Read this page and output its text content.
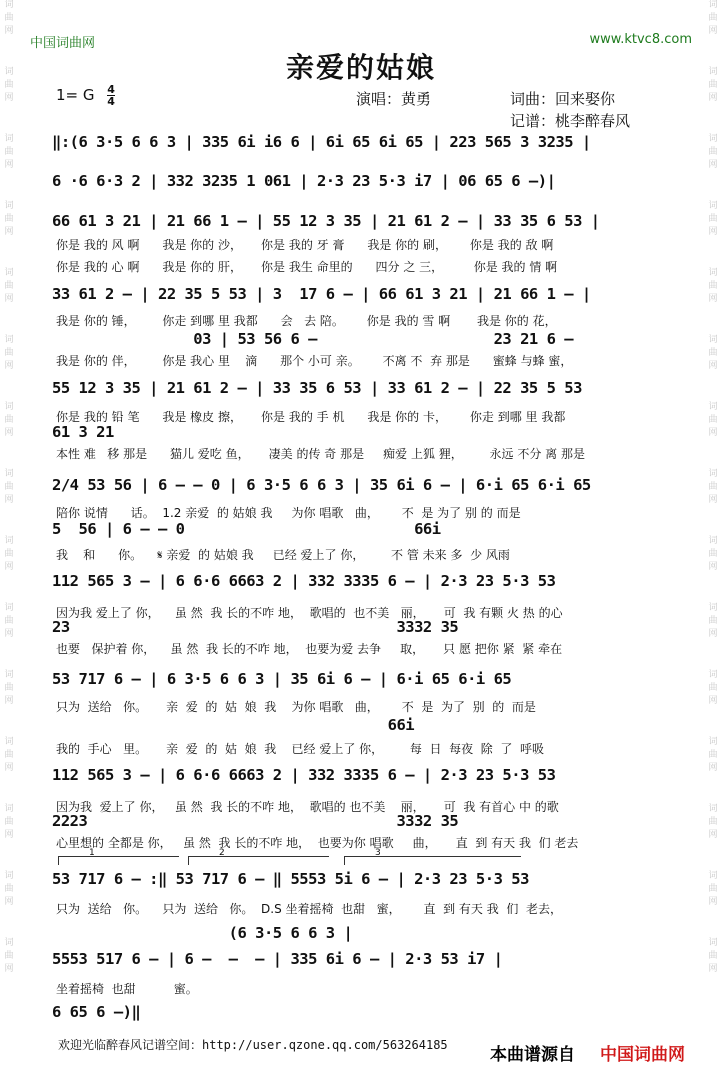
词
曲
网
词
曲
网
词
曲
网
词
曲
网
词
曲
网
词
曲
网
词
曲
网
词
曲
网
词
曲
网
词
曲
网
词
曲
网
词
曲
网
词
曲
网
词
曲
网
词
曲
网
词
曲
网
词
曲
网
词
曲
网
词
曲
网
词
曲
网
词
曲
网
词
曲
网
词
曲
网
词
曲
网
词
曲
网
词
曲
网
词
曲
网
词
曲
网
词
曲
网
词
曲
网
中国词曲网	www.ktvc8.com
亲爱的姑娘
1= G $\frac{4}{4}$	演唱：黄勇	词曲：回来娶你
记谱：桃李醉春风
‖:(6 3·5 6 6 3 | 335 6i i6 6 | 6i 65 6i 65 | 223 565 3 3235 |
6 ·6 6·3 2 | 332 3235 1 061 | 2·3 23 5·3 i7 | 06 65 6 –)|
66 61 3 21 | 21 66 1 – | 55 12 3 35 | 21 61 2 – | 33 35 6 53 |
你是 我的 风 啊      我是 你的 沙，     你是 我的 牙 膏      我是 你的 刷，      你是 我的 敌 啊
你是 我的 心 啊      我是 你的 肝，     你是 我生 命里的      四分 之 三，        你是 我的 情 啊
33 61 2 – | 22 35 5 53 | 3  17 6 – | 66 61 3 21 | 21 66 1 – |
我是 你的 锤，       你走 到哪 里 我都      会   去 陪。      你是 我的 雪 啊       我是 你的 花，
03 | 53 56 6 –                    23 21 6 –
我是 你的 伴，       你是 我心 里    滴      那个 小可 亲。      不离 不  弃 那是      蜜蜂 与蜂 蜜，
55 12 3 35 | 21 61 2 – | 33 35 6 53 | 33 61 2 – | 22 35 5 53
你是 我的 铅 笔      我是 橡皮 擦，     你是 我的 手 机      我是 你的 卡，      你走 到哪 里 我都
61 3 21
本性 难   移 那是      猫儿 爱吃 鱼，     凄美 的传 奇 那是     痴爱 上狐 狸，       永远 不分 离 那是
2/4 53 56 | 6 – – 0 | 6 3·5 6 6 3 | 35 6i 6 – | 6·i 65 6·i 65
陪你 说情      话。  1.2 亲爱  的 姑娘 我     为你 唱歌   曲，      不  是 为了 别 的 而是
5  56 | 6 – – 0                          66i
我    和      你。    𝄋 亲爱  的 姑娘 我     已经 爱上了 你，       不 管 未来 多  少 风雨
112 565 3 – | 6 6·6 6663 2 | 332 3335 6 – | 2·3 23 5·3 53
因为我 爱上了 你，    虽 然  我 长的不咋 地，  歌唱的  也不美   丽，     可  我 有颗 火 热 的心
23                                     3332 35
也要   保护着 你，    虽 然  我 长的不咋 地，  也要为爱 去争     取，     只 愿 把你 紧  紧 牵在
53 717 6 – | 6 3·5 6 6 3 | 35 6i 6 – | 6·i 65 6·i 65
只为  送给   你。     亲  爱  的  姑  娘  我    为你 唱歌   曲，      不  是  为了  别  的  而是
66i
我的  手心   里。     亲  爱  的  姑  娘  我    已经 爱上了 你，       每  日  每夜  除  了  呼吸
112 565 3 – | 6 6·6 6663 2 | 332 3335 6 – | 2·3 23 5·3 53
因为我  爱上了 你，   虽 然  我 长的不咋 地，  歌唱的 也不美    丽，     可  我 有首心 中 的歌
2223                                   3332 35
心里想的 全都是 你，   虽 然  我 长的不咋 地，  也要为你 唱歌     曲，     直  到 有天 我  们 老去
53 717 6 – :‖ 53 717 6 – ‖ 5553 5i 6 – | 2·3 23 5·3 53
只为  送给   你。    只为  送给   你。  D.S 坐着摇椅  也甜   蜜，      直  到 有天 我  们  老去，
(6 3·5 6 6 3 |
5553 517 6 – | 6 –  –  – | 335 6i 6 – | 2·3 53 i7 |
坐着摇椅  也甜          蜜。
6 65 6 –)‖
1	2	3
欢迎光临醉春风记谱空间：http://user.qzone.qq.com/563264185 本曲谱源自 中国词曲网
